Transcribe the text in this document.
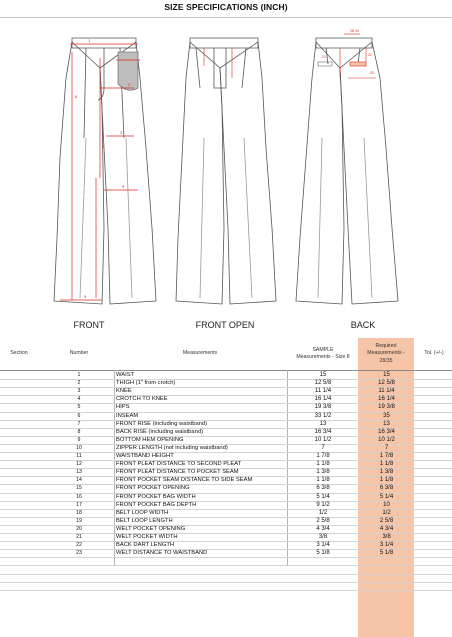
SIZE SPECIFICATIONS (INCH)
1
2
3
4
6
9
9
18 19
21	22
20
FRONT	FRONT OPEN	BACK
Section	Number	Measurements
SAMPLE
Measurements - Size 8
Required
Measurements -
28/35
Tol. (+/-)
1	WAIST	15	15
2	THIGH (1" from crotch)	12 5/8	12 5/8
3	KNEE	11 1/4	11 1/4
4	CROTCH TO KNEE	16 1/4	16 1/4
5	HIPS	19 3/8	19 3/8
6	INSEAM	33 1/2	35
7	FRONT RISE (including waistband)	13	13
8	BACK RISE (including waistband)	16 3/4	16 3/4
9	BOTTOM HEM OPENING	10 1/2	10 1/2
10	ZIPPER LENGTH (not including waistband)	7	7
11	WAISTBAND HEIGHT	1 7/8	1 7/8
12	FRONT PLEAT DISTANCE TO SECOND PLEAT	1 1/8	1 1/8
13	FRONT PLEAT DISTANCE TO POCKET SEAM	1 3/8	1 3/8
14	FRONT POCKET SEAM DISTANCE TO SIDE SEAM	1 1/8	1 1/8
15	FRONT POCKET OPENING	6 3/8	6 3/8
16	FRONT POCKET BAG WIDTH	5 1/4	5 1/4
17	FRONT POCKET BAG DEPTH	9 1/2	10
18	BELT LOOP WIDTH	1/2	1/2
19	BELT LOOP LENGTH	2 5/8	2 5/8
20	WELT POCKET OPENING	4 3/4	4 3/4
21	WELT POCKET WIDTH	3/8	3/8
22	BACK DART LENGTH	3 1/4	3 1/4
23	WELT DISTANCE TO WAISTBAND	5 1/8	5 1/8
